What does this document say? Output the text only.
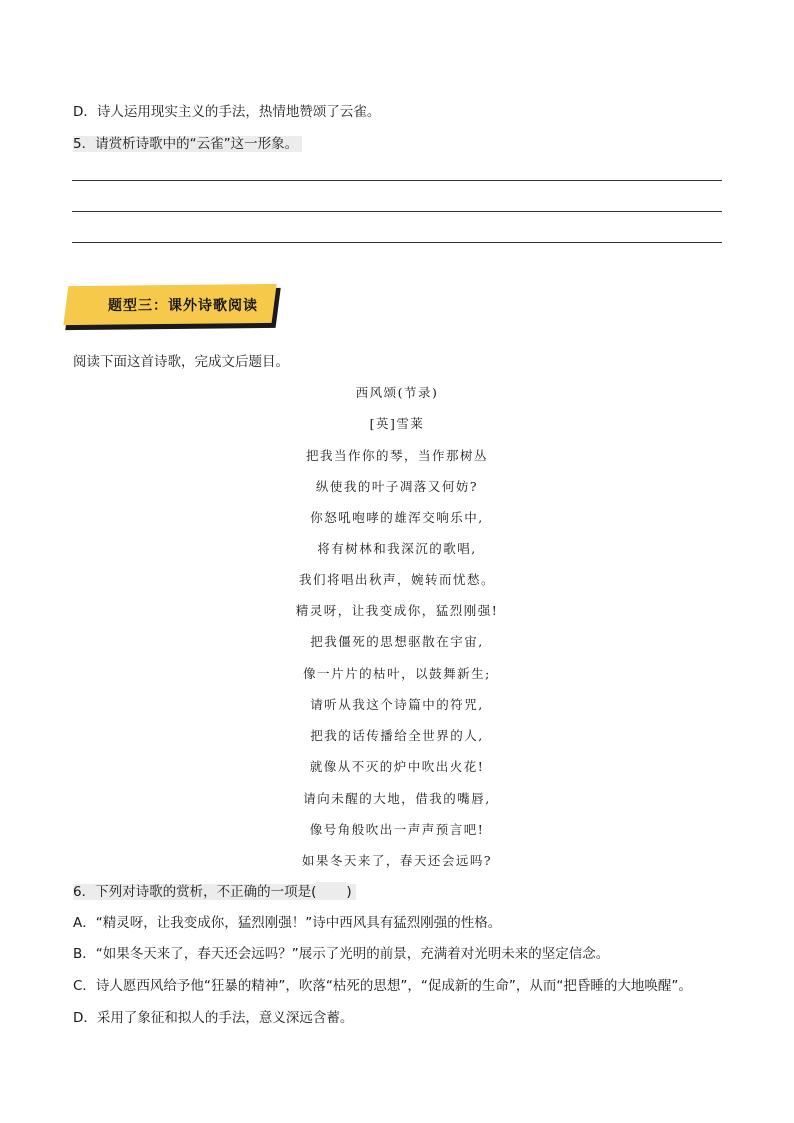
D．诗人运用现实主义的手法，热情地赞颂了云雀。
5．请赏析诗歌中的“云雀”这一形象。
题型三：课外诗歌阅读
阅读下面这首诗歌，完成文后题目。
西风颂(节录)
[英]雪莱
把我当作你的琴，当作那树丛
纵使我的叶子凋落又何妨?
你怒吼咆哮的雄浑交响乐中,
将有树林和我深沉的歌唱,
我们将唱出秋声，婉转而忧愁。
精灵呀，让我变成你，猛烈刚强!
把我僵死的思想驱散在宇宙,
像一片片的枯叶，以鼓舞新生;
请听从我这个诗篇中的符咒,
把我的话传播给全世界的人,
就像从不灭的炉中吹出火花!
请向未醒的大地，借我的嘴唇,
像号角般吹出一声声预言吧!
如果冬天来了，春天还会远吗?
6．下列对诗歌的赏析，不正确的一项是( )
A．“精灵呀，让我变成你，猛烈刚强！”诗中西风具有猛烈刚强的性格。
B．“如果冬天来了，春天还会远吗？”展示了光明的前景，充满着对光明未来的坚定信念。
C．诗人愿西风给予他“狂暴的精神”，吹落“枯死的思想”，“促成新的生命”，从而“把昏睡的大地唤醒”。
D．采用了象征和拟人的手法，意义深远含蓄。
